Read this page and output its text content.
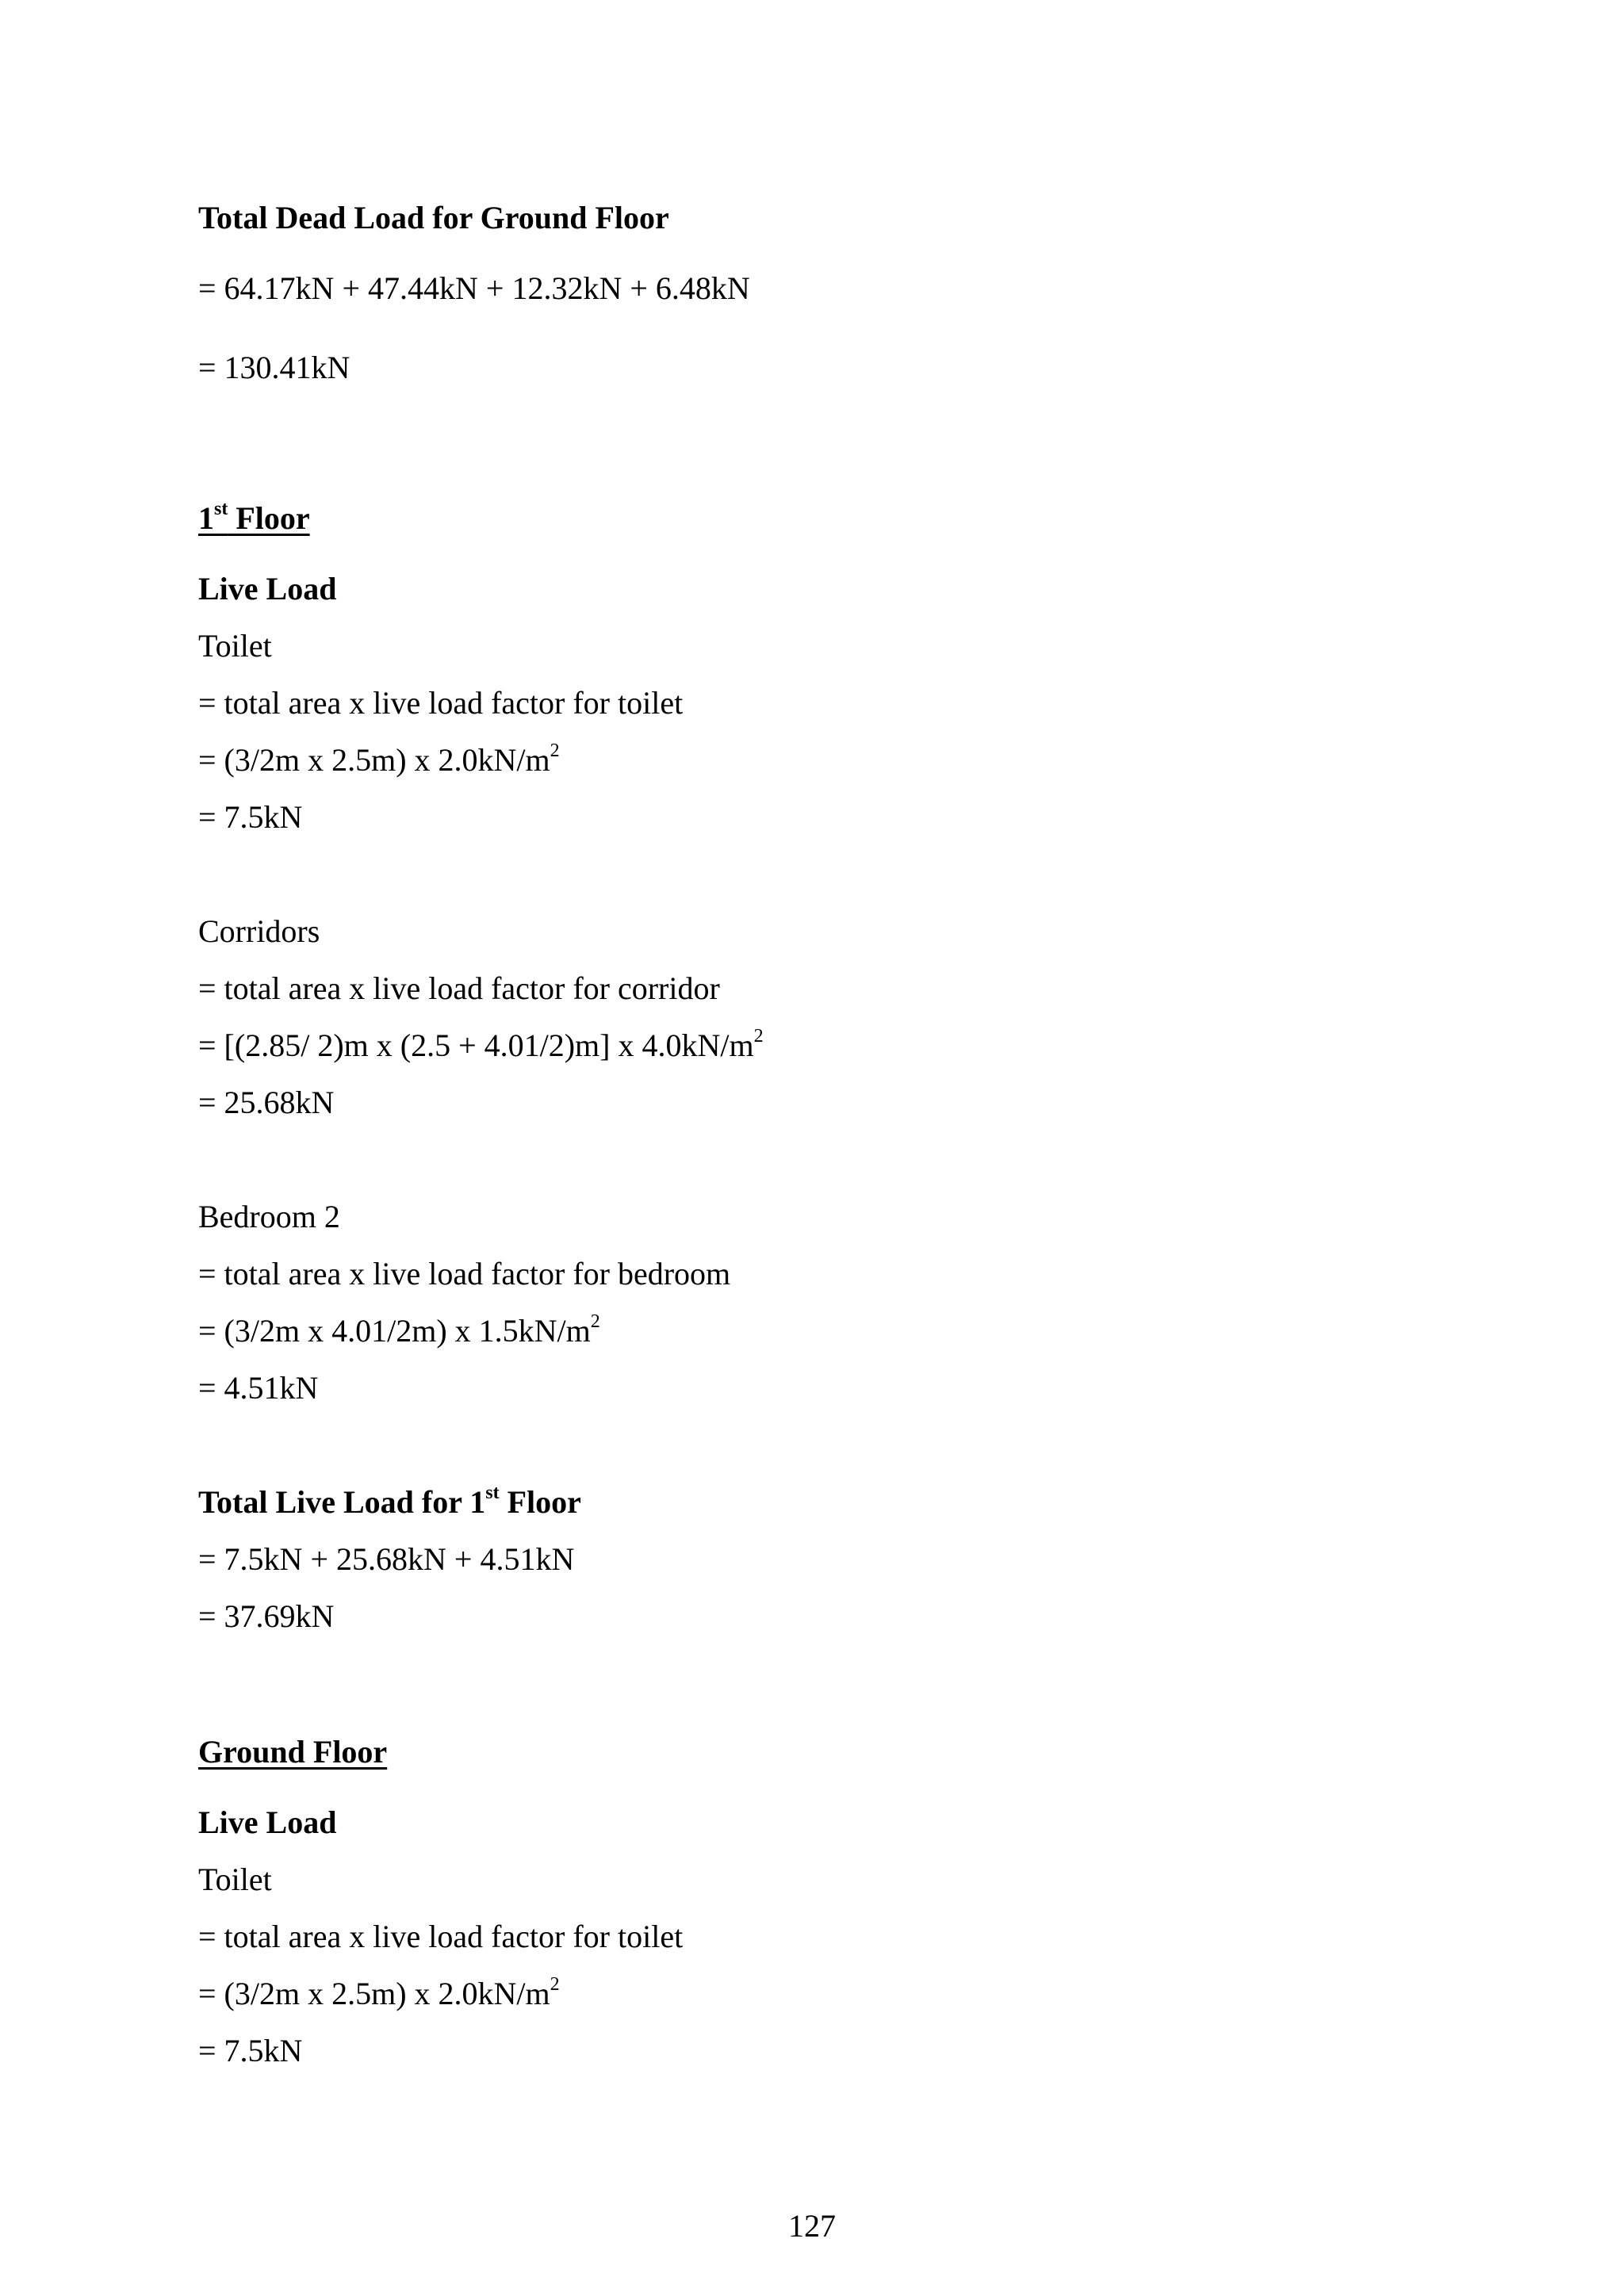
Total Dead Load for Ground Floor
= 64.17kN + 47.44kN + 12.32kN + 6.48kN
= 130.41kN
1st Floor
Live Load
Toilet
= total area x live load factor for toilet
= (3/2m x 2.5m) x $2.0kN/m^2$
= 7.5kN
Corridors
= total area x live load factor for corridor
= [(2.85/ 2)m x (2.5 + 4.01/2)m] x $4.0kN/m^2$
= 25.68kN
Bedroom 2
= total area x live load factor for bedroom
= (3/2m x 4.01/2m) x $1.5kN/m^2$
= 4.51kN
Total Live Load for 1st Floor
= 7.5kN + 25.68kN + 4.51kN
= 37.69kN
Ground Floor
Live Load
Toilet
= total area x live load factor for toilet
= (3/2m x 2.5m) x $2.0kN/m^2$
= 7.5kN
127
